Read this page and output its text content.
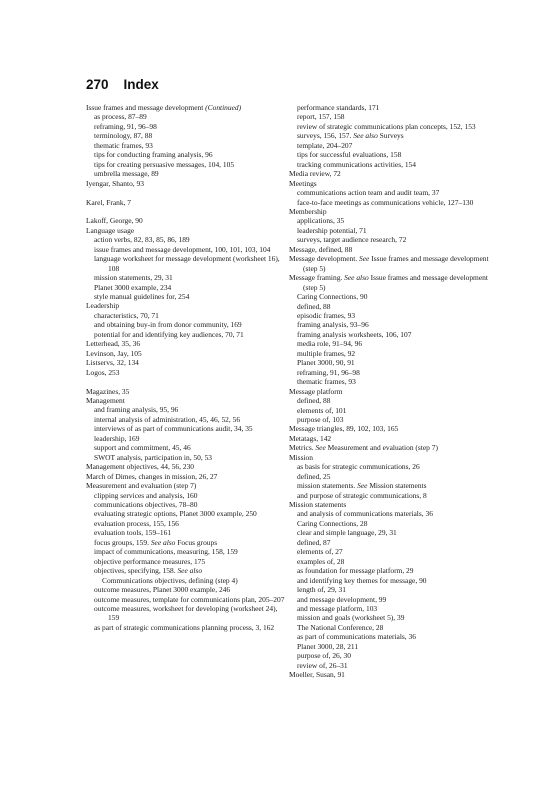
270 Index

Issue frames and message development (Continued)

as process, 87–89

reframing, 91, 96–98

terminology, 87, 88

thematic frames, 93

tips for conducting framing analysis, 96

tips for creating persuasive messages, 104, 105

umbrella message, 89

Iyengar, Shanto, 93

Karel, Frank, 7

Lakoff, George, 90

Language usage

action verbs, 82, 83, 85, 86, 189

issue frames and message development, 100, 101, 103, 104

language worksheet for message development (worksheet 16), 108

mission statements, 29, 31

Planet 3000 example, 234

style manual guidelines for, 254

Leadership

characteristics, 70, 71

and obtaining buy-in from donor community, 169

potential for and identifying key audiences, 70, 71

Letterhead, 35, 36

Levinson, Jay, 105

Listservs, 32, 134

Logos, 253

Magazines, 35

Management

and framing analysis, 95, 96

internal analysis of administration, 45, 46, 52, 56

interviews of as part of communications audit, 34, 35

leadership, 169

support and commitment, 45, 46

SWOT analysis, participation in, 50, 53

Management objectives, 44, 56, 230

March of Dimes, changes in mission, 26, 27

Measurement and evaluation (step 7)

clipping services and analysis, 160

communications objectives, 78–80

evaluating strategic options, Planet 3000 example, 250

evaluation process, 155, 156

evaluation tools, 159–161

focus groups, 159. See also Focus groups

impact of communications, measuring, 158, 159

objective performance measures, 175

objectives, specifying, 158. See also

Communications objectives, defining (step 4)

outcome measures, Planet 3000 example, 246

outcome measures, template for communications plan, 205–207

outcome measures, worksheet for developing (worksheet 24), 159

as part of strategic communications planning process, 3, 162

performance standards, 171

report, 157, 158

review of strategic communications plan concepts, 152, 153

surveys, 156, 157. See also Surveys

template, 204–207

tips for successful evaluations, 158

tracking communications activities, 154

Media review, 72

Meetings

communications action team and audit team, 37

face-to-face meetings as communications vehicle, 127–130

Membership

applications, 35

leadership potential, 71

surveys, target audience research, 72

Message, defined, 88

Message development. See Issue frames and message development (step 5)

Message framing. See also Issue frames and message development (step 5)

Caring Connections, 90

defined, 88

episodic frames, 93

framing analysis, 93–96

framing analysis worksheets, 106, 107

media role, 91–94, 96

multiple frames, 92

Planet 3000, 90, 91

reframing, 91, 96–98

thematic frames, 93

Message platform

defined, 88

elements of, 101

purpose of, 103

Message triangles, 89, 102, 103, 165

Metatags, 142

Metrics. See Measurement and evaluation (step 7)

Mission

as basis for strategic communications, 26

defined, 25

mission statements. See Mission statements

and purpose of strategic communications, 8

Mission statements

and analysis of communications materials, 36

Caring Connections, 28

clear and simple language, 29, 31

defined, 87

elements of, 27

examples of, 28

as foundation for message platform, 29

and identifying key themes for message, 90

length of, 29, 31

and message development, 99

and message platform, 103

mission and goals (worksheet 5), 39

The National Conference, 28

as part of communications materials, 36

Planet 3000, 28, 211

purpose of, 26, 30

review of, 26–31

Moeller, Susan, 91
